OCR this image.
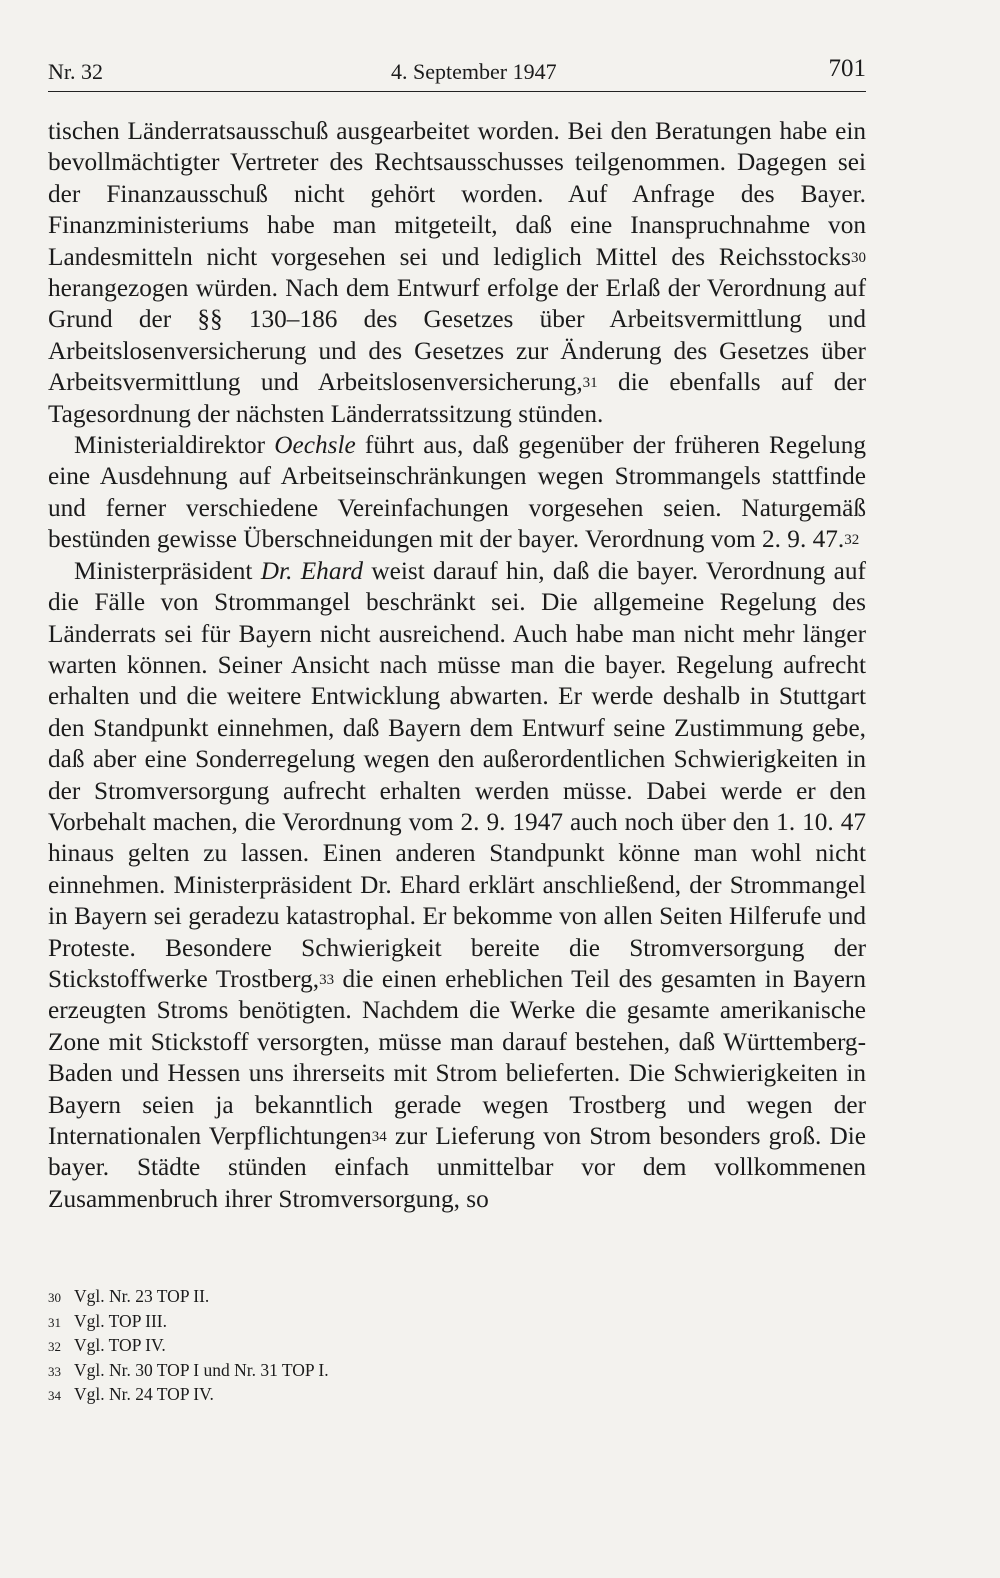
Nr. 32	4. September 1947	701

tischen Länderratsausschuß ausgearbeitet worden. Bei den Beratungen habe ein bevollmächtigter Vertreter des Rechtsausschusses teilgenommen. Dagegen sei der Finanzausschuß nicht gehört worden. Auf Anfrage des Bayer. Finanzministeriums habe man mitgeteilt, daß eine Inanspruchnahme von Landesmitteln nicht vorgesehen sei und lediglich Mittel des Reichsstocks$^{30}$ herangezogen würden. Nach dem Entwurf erfolge der Erlaß der Verordnung auf Grund der §§ 130–186 des Gesetzes über Arbeitsvermittlung und Arbeitslosenversicherung und des Gesetzes zur Änderung des Gesetzes über Arbeitsvermittlung und Arbeitslosenversicherung,$^{31}$ die ebenfalls auf der Tagesordnung der nächsten Länderratssitzung stünden.

Ministerialdirektor Oechsle führt aus, daß gegenüber der früheren Regelung eine Ausdehnung auf Arbeitseinschränkungen wegen Strommangels stattfinde und ferner verschiedene Vereinfachungen vorgesehen seien. Naturgemäß bestünden gewisse Überschneidungen mit der bayer. Verordnung vom 2. 9. 47.32

Ministerpräsident Dr. Ehard weist darauf hin, daß die bayer. Verordnung auf die Fälle von Strommangel beschränkt sei. Die allgemeine Regelung des Länderrats sei für Bayern nicht ausreichend. Auch habe man nicht mehr länger warten können. Seiner Ansicht nach müsse man die bayer. Regelung aufrecht erhalten und die weitere Entwicklung abwarten. Er werde deshalb in Stuttgart den Standpunkt einnehmen, daß Bayern dem Entwurf seine Zustimmung gebe, daß aber eine Sonderregelung wegen den außerordentlichen Schwierigkeiten in der Stromversorgung aufrecht erhalten werden müsse. Dabei werde er den Vorbehalt machen, die Verordnung vom 2. 9. 1947 auch noch über den 1. 10. 47 hinaus gelten zu lassen. Einen anderen Standpunkt könne man wohl nicht einnehmen. Ministerpräsident Dr. Ehard erklärt anschließend, der Strommangel in Bayern sei geradezu katastrophal. Er bekomme von allen Seiten Hilferufe und Proteste. Besondere Schwierigkeit bereite die Stromversorgung der Stickstoffwerke Trostberg,$^{33}$ die einen erheblichen Teil des gesamten in Bayern erzeugten Stroms benötigten. Nachdem die Werke die gesamte amerikanische Zone mit Stickstoff versorgten, müsse man darauf bestehen, daß Württemberg-Baden und Hessen uns ihrerseits mit Strom belieferten. Die Schwierigkeiten in Bayern seien ja bekanntlich gerade wegen Trostberg und wegen der Internationalen Verpflichtungen$^{34}$ zur Lieferung von Strom besonders groß. Die bayer. Städte stünden einfach unmittelbar vor dem vollkommenen Zusammenbruch ihrer Stromversorgung, so

30 Vgl. Nr. 23 TOP II.
31 Vgl. TOP III.
32 Vgl. TOP IV.
33 Vgl. Nr. 30 TOP I und Nr. 31 TOP I.
34 Vgl. Nr. 24 TOP IV.
